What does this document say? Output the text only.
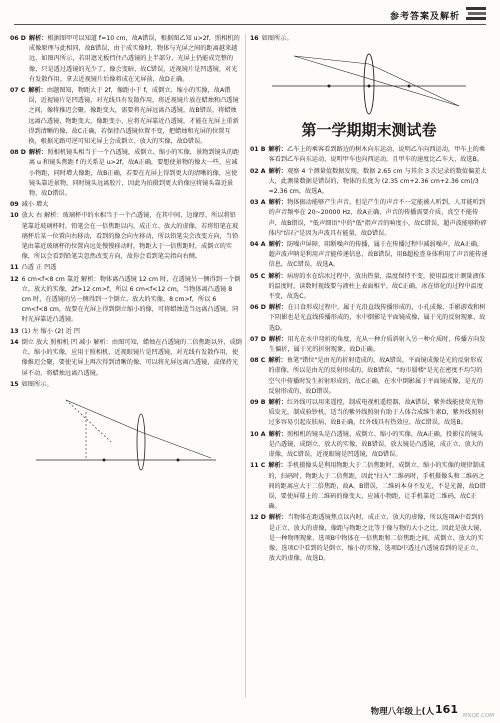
参考答案及解析
06 D 解析：根据图甲可以知道 f=10 cm，故A错误，根据图乙知 u>2f，照相机的成像原理与此相同，故B错误，由于成实像时，物体与光屏之间的距离越来越远，如图丙所示，若用遮光板挡住凸透镜的上半部分，光屏上仍能成完整的像，只是透过透镜的光少了，像会变暗，故C错误，近视镜片是凹透镜，对光有发散作用，拿去近视镜片后像将成在光屏前，故D正确。
07 C 解析：由题图知，物距大于 2f，像距小于 f，成倒立、缩小的实像，故A错误，近视镜片是凹透镜，对光线具有发散作用，将近视镜片放在蜡烛和凸透镜之间，像将推迟会聚，像距变大，需要将光屏远离凸透镜，故B错误，将蜡烛远离凸透镜，物距变大，像距变小，应将光屏靠近凸透镜，才能在光屏上重新得到清晰的像，故C正确，若保持凸透镜位置不变，把蜡烛和光屏的位置互换，根据光路可逆可知光屏上会成倒立、放大的实像，故D错误。
08 D 解析：照相机镜头相当于一个凸透镜，成倒立、缩小的实像，景物到镜头的距离 u 和镜头焦距 f 的关系是 u>2f，故A正确，要想使景物的像大一些，应减小物距，同时增大像距，故B正确，若要在光屏上得到更大的清晰的像，应使镜头靠近景物，同时镜头远离胶片，因此为拍摄到更大的像应将镜头靠近景物，故D错误。
09 减小 增大
10 放大 右 解析：玻璃杯中的水相当于一个凸透镜，在其中间，边缘厚，所以将铅笔靠近玻璃杯时，铅笔会在一倍焦距以内，成正立、放大的虚像，若将铅笔在玻璃杯后某一位置向右移动，看到的像会向左移动，所以铅笔尖会改变方向，当铅笔由靠近玻璃杯的位置向远处慢慢移动时，物距大于一倍焦距时，成倒立的实像，所以会看到铅笔尖忽然改变方向，故你会看到笔尖指向右侧。
11 凸透 正 凹透
12 6 cm<f<8 cm 靠近 解析：物体离凸透镜 12 cm 时，在透镜另一侧得到一个倒立、放大的实像，2f>12 cm>f，所以 6 cm<f<12 cm，当物体离凸透镜 8 cm 时，在透镜的另一侧得到一个倒立、放大的实像，8 cm>f，所以 6 cm<f<8 cm，故要在光屏上得到倒立缩小的像，可将蜡烛适当远离凸透镜，同时光屏靠近凸透镜。
13 (1) 左 缩小 (2) 近 凹
14 倒立 放大 照相机 凹 减小 解析：由图可知，蜡烛在凸透镜的二倍焦距以外，成倒立、缩小的实像，应用于照相机，近视眼镜片是凹透镜，对光线有发散作用，使像推迟会聚，要使光屏上再次得到清晰的像，可以将光屏远离凸透镜，或保持光屏不动，将蜡烛远离凸透镜。
15 如图所示。
16 如图所示。
第一学期期末测试卷
01 B 解析：乙车上的乘客看到路边的树木向东运动，说明乙车向西运动，甲车上的乘客看到乙车向东运动，说明甲车也向西运动，且甲车的速度比乙车大，故选B。
02 A 解析：观察 4 个测量值数据发现，数据 2.65 cm 与其余 3 次记录的数值偏差太大，此测量数据是错误的，物体的长度为 (2.35 cm+2.36 cm+2.36 cm)/3 ≈2.36 cm，故选A。
03 A 解析：物体振动能够产生声音，但是产生的声音不一定能被人听到，人耳能听到的声音频率在 20~20000 Hz，故A正确，声音的传播需要介质，真空不能传声，故B错误，"低声细语"中的"低"指声音的响度小，故C错误，超声波能够粉碎体内"结石"是因为声波具有能量，故D错误。
04 A 解析：防噪声屏障，阻断噪声的传播，属于在传播过程中减弱噪声，故A正确，超声波声呐是利用声音能传递信息，故B错误，用B超检查身体利用了声音能传递信息，故C错误，故选A。
05 C 解析：病房的水在结冰过程中，放出热量，温度保持不变，使用温度计测量液体的温度时，读数时视线要与液柱上表面相平，故C正确，冰在熔化的过程中温度不变，故选C。
06 D 解析：在日食形成过程中，属于光沿直线传播形成的，小孔成像、手影游戏和树下阴影也是光直线传播形成的，水中倒影是平面镜成像，属于光的反射现象，故选D。
07 D 解析：用光在水中弯折的角度，光从一种介质斜射入另一种介质时，传播方向发生偏折，属于光的折射现象，故D正确。
08 C 解析：鱼笔"错位"是由光的折射造成的，故A错误，平面镜成像是光的反射形成的虚像，所以是由光的反射形成的，故B错误，"海市蜃楼"是光在密度不均匀的空气中传播时发生折射形成的，故C正确，在水中倒影属于平面镜成像，是光的反射形成的，故D错误。
09 B 解析：红外线可以用来遥控，制成电视机遥控器，故A错误，紫外线能使荧光物质发光，制成验钞机，适当的紫外线照射有助于人体合成维生素D，紫外线照射过多容易引起皮肤病，故B正确，红外线具有热效应，故C错误，故选B。
10 A 解析：照相机的镜头是凸透镜，成倒立、缩小的实像，故A正确，投影仪的镜头是凸透镜，成倒立、放大的实像，故B错误，放大镜是凸透镜，成正立、放大的虚像，故C错误，近视眼镜是凹透镜，故D错误。
11 C 解析：手机摄像头是利用物距大于二倍焦距时，成倒立、缩小的实像的规律制成的，扫码时，物距大于二倍焦距，因此"扫入"二维码时，手机摄像头和二维码之间的距离应大于二倍焦距，故A、B错误，二维码本身不发光，不是光源，故D错误，要使屏幕上的二维码的像变大，应减小物距，让手机靠近二维码，故C正确。
12 D 解析：当物体在距透镜焦点以内时，成正立、放大的虚像，所以选项A中看到的是正立、放大的虚像，像距与物距之比等于像与物的大小之比，因此是放大镜，是一种物理现象，选项B中物体在一倍焦距和二倍焦距之间，成倒立、放大的实像，选项C中看到的是倒立、缩小的实像，选项D中透过凸透镜看到的是正立、放大的虚像，故选D。
物理八年级上(人 161 MXQE.COM
